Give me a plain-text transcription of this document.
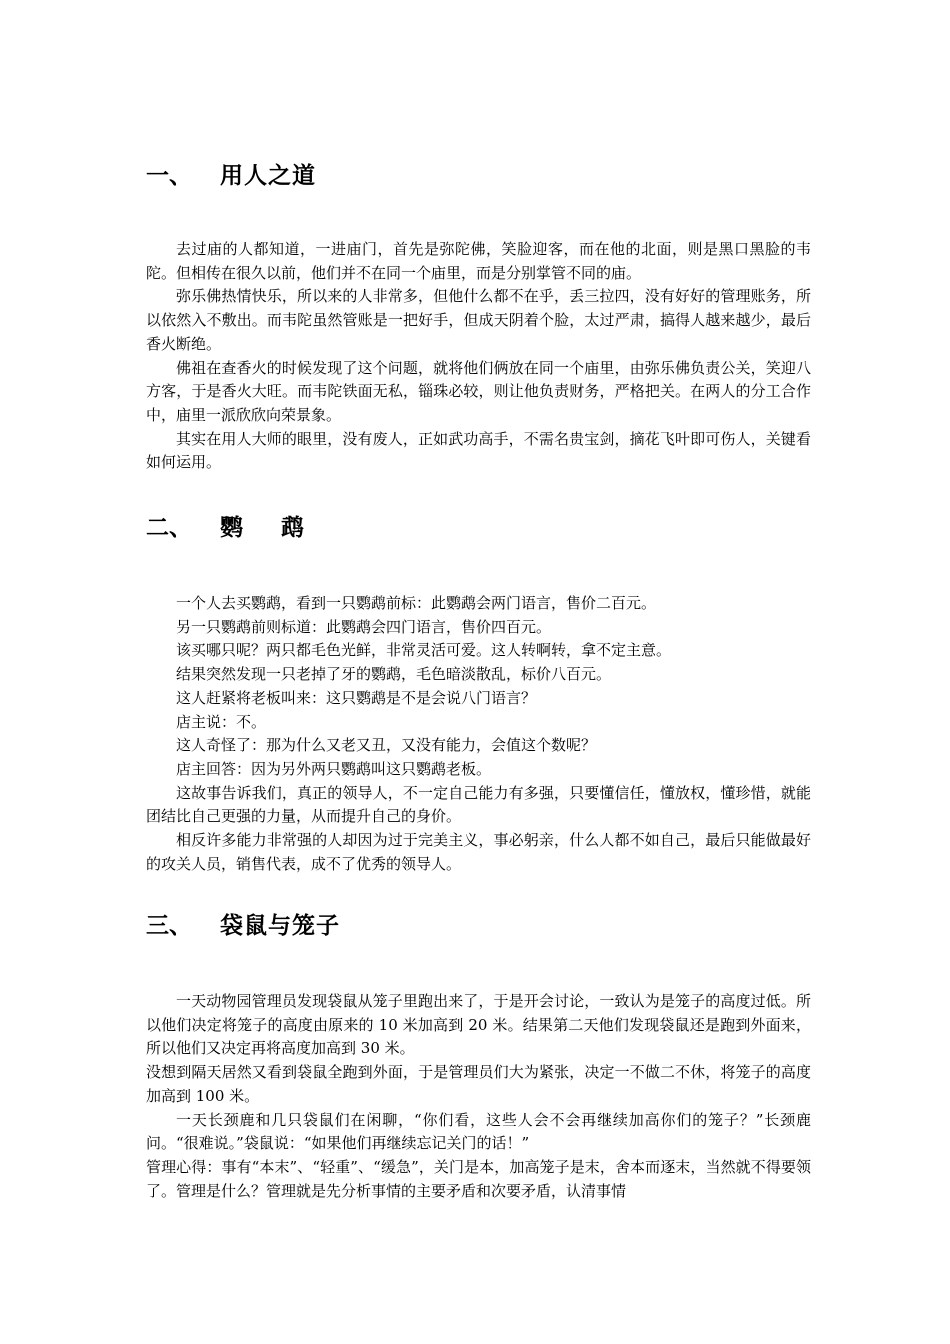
一、 用人之道

去过庙的人都知道，一进庙门，首先是弥陀佛，笑脸迎客，而在他的北面，则是黑口黑脸的韦陀。但相传在很久以前，他们并不在同一个庙里，而是分别掌管不同的庙。

弥乐佛热情快乐，所以来的人非常多，但他什么都不在乎，丢三拉四，没有好好的管理账务，所以依然入不敷出。而韦陀虽然管账是一把好手，但成天阴着个脸，太过严肃，搞得人越来越少，最后香火断绝。

佛祖在查香火的时候发现了这个问题，就将他们俩放在同一个庙里，由弥乐佛负责公关，笑迎八方客，于是香火大旺。而韦陀铁面无私，锱珠必较，则让他负责财务，严格把关。在两人的分工合作中，庙里一派欣欣向荣景象。

其实在用人大师的眼里，没有废人，正如武功高手，不需名贵宝剑，摘花飞叶即可伤人，关键看如何运用。

二、 鹦鹉

一个人去买鹦鹉，看到一只鹦鹉前标：此鹦鹉会两门语言，售价二百元。

另一只鹦鹉前则标道：此鹦鹉会四门语言，售价四百元。

该买哪只呢？两只都毛色光鲜，非常灵活可爱。这人转啊转，拿不定主意。

结果突然发现一只老掉了牙的鹦鹉，毛色暗淡散乱，标价八百元。

这人赶紧将老板叫来：这只鹦鹉是不是会说八门语言？

店主说：不。

这人奇怪了：那为什么又老又丑，又没有能力，会值这个数呢？

店主回答：因为另外两只鹦鹉叫这只鹦鹉老板。

这故事告诉我们，真正的领导人，不一定自己能力有多强，只要懂信任，懂放权，懂珍惜，就能团结比自己更强的力量，从而提升自己的身价。

相反许多能力非常强的人却因为过于完美主义，事必躬亲，什么人都不如自己，最后只能做最好的攻关人员，销售代表，成不了优秀的领导人。

三、 袋鼠与笼子

一天动物园管理员发现袋鼠从笼子里跑出来了，于是开会讨论，一致认为是笼子的高度过低。所以他们决定将笼子的高度由原来的 10 米加高到 20 米。结果第二天他们发现袋鼠还是跑到外面来，所以他们又决定再将高度加高到 30 米。

没想到隔天居然又看到袋鼠全跑到外面，于是管理员们大为紧张，决定一不做二不休，将笼子的高度加高到 100 米。

一天长颈鹿和几只袋鼠们在闲聊，“你们看，这些人会不会再继续加高你们的笼子？”长颈鹿问。“很难说。”袋鼠说：“如果他们再继续忘记关门的话！”

管理心得：事有“本末”、“轻重”、“缓急”，关门是本，加高笼子是末，舍本而逐末，当然就不得要领了。管理是什么？管理就是先分析事情的主要矛盾和次要矛盾，认清事情
